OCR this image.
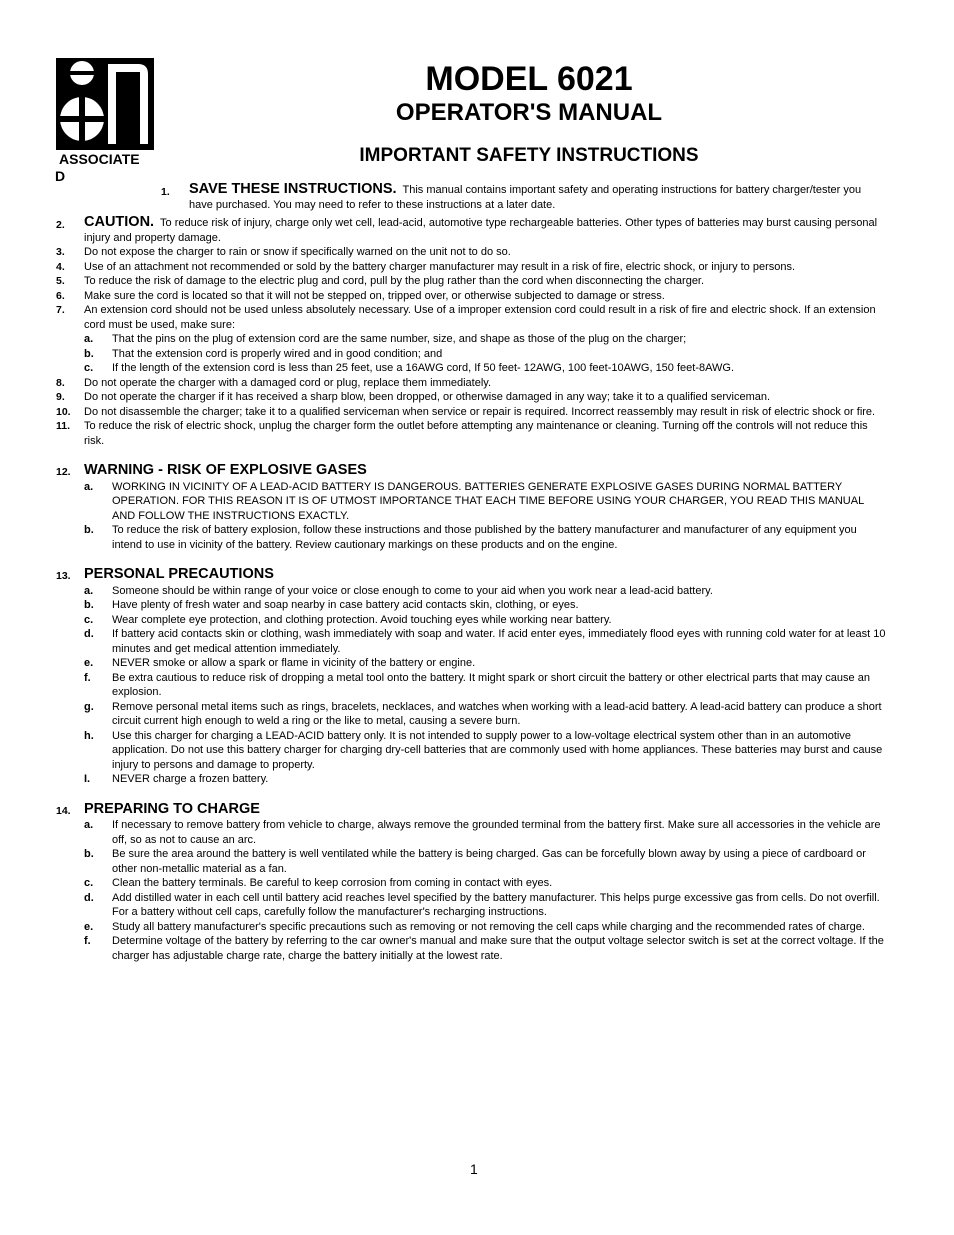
ASSOCIATE
D
MODEL 6021
OPERATOR'S MANUAL
IMPORTANT SAFETY INSTRUCTIONS
1.	SAVE THESE INSTRUCTIONS. This manual contains important safety and operating instructions for battery charger/tester you have purchased. You may need to refer to these instructions at a later date.
2.	CAUTION. To reduce risk of injury, charge only wet cell, lead-acid, automotive type rechargeable batteries. Other types of batteries may burst causing personal injury and property damage.
3.	Do not expose the charger to rain or snow if specifically warned on the unit not to do so.
4.	Use of an attachment not recommended or sold by the battery charger manufacturer may result in a risk of fire, electric shock, or injury to persons.
5.	To reduce the risk of damage to the electric plug and cord, pull by the plug rather than the cord when disconnecting the charger.
6.	Make sure the cord is located so that it will not be stepped on, tripped over, or otherwise subjected to damage or stress.
7.	An extension cord should not be used unless absolutely necessary. Use of a improper extension cord could result in a risk of fire and electric shock. If an extension cord must be used, make sure:
a.	That the pins on the plug of extension cord are the same number, size, and shape as those of the plug on the charger;
b.	That the extension cord is properly wired and in good condition; and
c.	If the length of the extension cord is less than 25 feet, use a 16AWG cord, If 50 feet- 12AWG, 100 feet-10AWG, 150 feet-8AWG.
8.	Do not operate the charger with a damaged cord or plug, replace them immediately.
9.	Do not operate the charger if it has received a sharp blow, been dropped, or otherwise damaged in any way; take it to a qualified serviceman.
10.	Do not disassemble the charger; take it to a qualified serviceman when service or repair is required. Incorrect reassembly may result in risk of electric shock or fire.
11.	To reduce the risk of electric shock, unplug the charger form the outlet before attempting any maintenance or cleaning. Turning off the controls will not reduce this risk.
12. WARNING - RISK OF EXPLOSIVE GASES
a.	WORKING IN VICINITY OF A LEAD-ACID BATTERY IS DANGEROUS. BATTERIES GENERATE EXPLOSIVE GASES DURING NORMAL BATTERY OPERATION. FOR THIS REASON IT IS OF UTMOST IMPORTANCE THAT EACH TIME BEFORE USING YOUR CHARGER, YOU READ THIS MANUAL AND FOLLOW THE INSTRUCTIONS EXACTLY.
b.	To reduce the risk of battery explosion, follow these instructions and those published by the battery manufacturer and manufacturer of any equipment you intend to use in vicinity of the battery. Review cautionary markings on these products and on the engine.
13. PERSONAL PRECAUTIONS
a.	Someone should be within range of your voice or close enough to come to your aid when you work near a lead-acid battery.
b.	Have plenty of fresh water and soap nearby in case battery acid contacts skin, clothing, or eyes.
c.	Wear complete eye protection, and clothing protection. Avoid touching eyes while working near battery.
d.	If battery acid contacts skin or clothing, wash immediately with soap and water. If acid enter eyes, immediately flood eyes with running cold water for at least 10 minutes and get medical attention immediately.
e.	NEVER smoke or allow a spark or flame in vicinity of the battery or engine.
f.	Be extra cautious to reduce risk of dropping a metal tool onto the battery. It might spark or short circuit the battery or other electrical parts that may cause an explosion.
g.	Remove personal metal items such as rings, bracelets, necklaces, and watches when working with a lead-acid battery. A lead-acid battery can produce a short circuit current high enough to weld a ring or the like to metal, causing a severe burn.
h.	Use this charger for charging a LEAD-ACID battery only. It is not intended to supply power to a low-voltage electrical system other than in an automotive application. Do not use this battery charger for charging dry-cell batteries that are commonly used with home appliances. These batteries may burst and cause injury to persons and damage to property.
I.	NEVER charge a frozen battery.
14. PREPARING TO CHARGE
a.	If necessary to remove battery from vehicle to charge, always remove the grounded terminal from the battery first. Make sure all accessories in the vehicle are off, so as not to cause an arc.
b.	Be sure the area around the battery is well ventilated while the battery is being charged. Gas can be forcefully blown away by using a piece of cardboard or other non-metallic material as a fan.
c.	Clean the battery terminals. Be careful to keep corrosion from coming in contact with eyes.
d.	Add distilled water in each cell until battery acid reaches level specified by the battery manufacturer. This helps purge excessive gas from cells. Do not overfill. For a battery without cell caps, carefully follow the manufacturer's recharging instructions.
e.	Study all battery manufacturer's specific precautions such as removing or not removing the cell caps while charging and the recommended rates of charge.
f.	Determine voltage of the battery by referring to the car owner's manual and make sure that the output voltage selector switch is set at the correct voltage. If the charger has adjustable charge rate, charge the battery initially at the lowest rate.
1
